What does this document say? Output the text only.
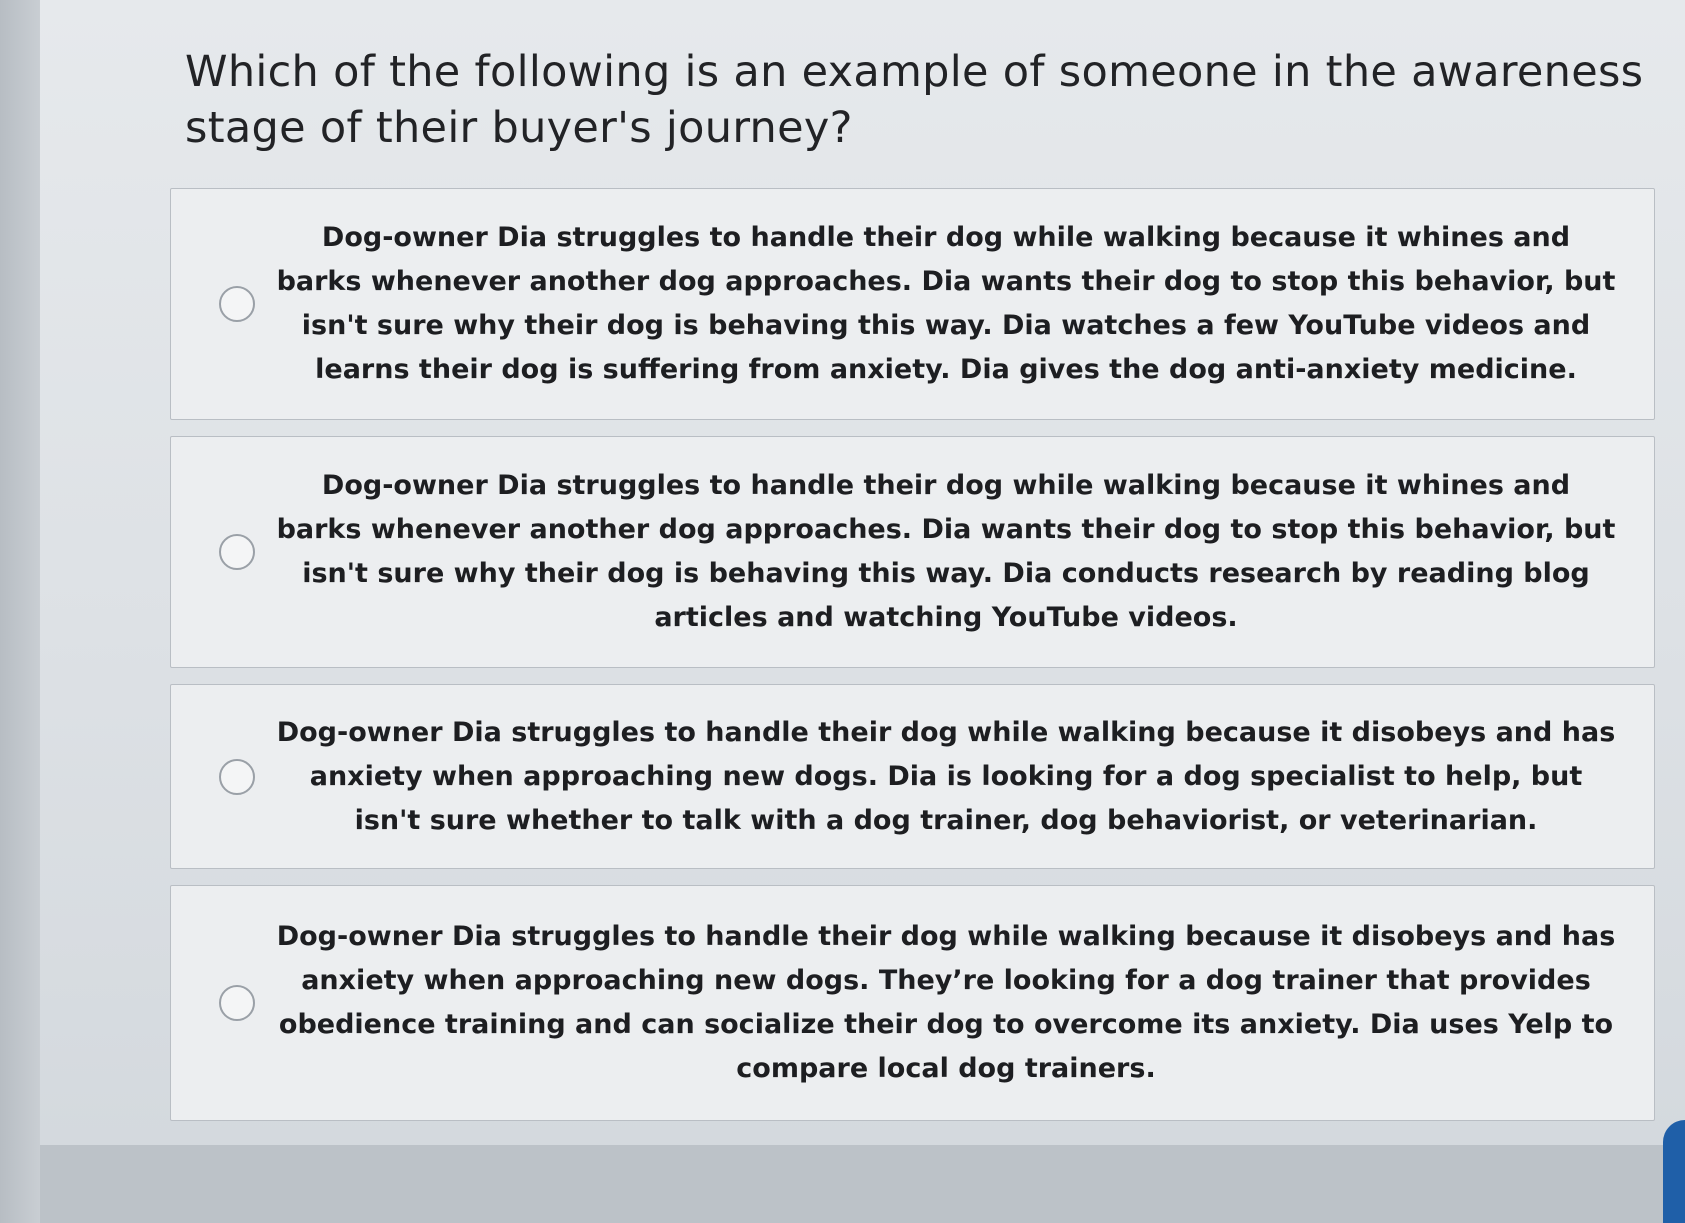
Which of the following is an example of someone in the awareness stage of their buyer's journey?
Dog-owner Dia struggles to handle their dog while walking because it whines and barks whenever another dog approaches. Dia wants their dog to stop this behavior, but isn't sure why their dog is behaving this way. Dia watches a few YouTube videos and learns their dog is suffering from anxiety. Dia gives the dog anti-anxiety medicine.
Dog-owner Dia struggles to handle their dog while walking because it whines and barks whenever another dog approaches. Dia wants their dog to stop this behavior, but isn't sure why their dog is behaving this way. Dia conducts research by reading blog articles and watching YouTube videos.
Dog-owner Dia struggles to handle their dog while walking because it disobeys and has anxiety when approaching new dogs. Dia is looking for a dog specialist to help, but isn't sure whether to talk with a dog trainer, dog behaviorist, or veterinarian.
Dog-owner Dia struggles to handle their dog while walking because it disobeys and has anxiety when approaching new dogs. They’re looking for a dog trainer that provides obedience training and can socialize their dog to overcome its anxiety. Dia uses Yelp to compare local dog trainers.
